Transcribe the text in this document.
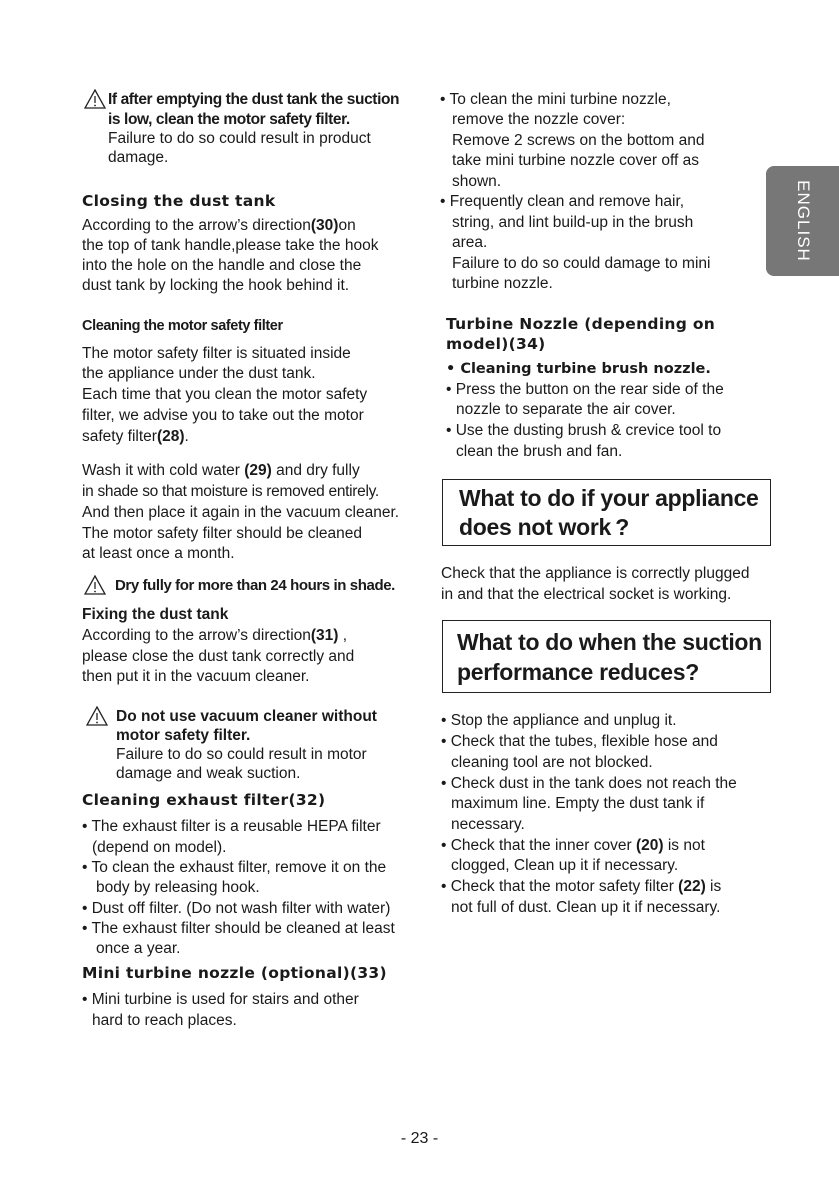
ENGLISH
If after emptying the dust tank the suction
is low, clean the motor safety filter.
Failure to do so could result in product
damage.
Closing the dust tank
According to the arrow’s direction(30)on
the top of tank handle,please take the hook
into the hole on the handle and close the
dust tank by locking the hook behind it.
Cleaning the motor safety filter
The motor safety filter is situated inside
the appliance under the dust tank.
Each time that you clean the motor safety
filter, we advise you to take out the motor
safety filter(28).
Wash it with cold water (29) and dry fully
in shade so that moisture is removed entirely.
And then place it again in the vacuum cleaner.
The motor safety filter should be cleaned
at least once a month.
Dry fully for more than 24 hours in shade.
Fixing the dust tank
According to the arrow’s direction(31) ,
please close the dust tank correctly and
then put it in the vacuum cleaner.
Do not use vacuum cleaner without
motor safety filter.
Failure to do so could result in motor
damage and weak suction.
Cleaning exhaust filter(32)
• The exhaust filter is a reusable HEPA filter
(depend on model).
• To clean the exhaust filter, remove it on the
body by releasing hook.
• Dust off filter. (Do not wash filter with water)
• The exhaust filter should be cleaned at least
once a year.
Mini turbine nozzle (optional)(33)
• Mini turbine is used for stairs and other
hard to reach places.
• To clean the mini turbine nozzle,
remove the nozzle cover:
Remove 2 screws on the bottom and
take mini turbine nozzle cover off as
shown.
• Frequently clean and remove hair,
string, and lint build-up in the brush
area.
Failure to do so could damage to mini
turbine nozzle.
Turbine Nozzle (depending on
model)(34)
• Cleaning turbine brush nozzle.
• Press the button on the rear side of the
nozzle to separate the air cover.
• Use the dusting brush & crevice tool to
clean the brush and fan.
What to do if your appliance
does not work ?
Check that the appliance is correctly plugged
in and that the electrical socket is working.
What to do when the suction
performance reduces?
• Stop the appliance and unplug it.
• Check that the tubes, flexible hose and
cleaning tool are not blocked.
• Check dust in the tank does not reach the
maximum line. Empty the dust tank if
necessary.
• Check that the inner cover (20) is not
clogged, Clean up it if necessary.
• Check that the motor safety filter (22) is
not full of dust. Clean up it if necessary.
- 23 -
